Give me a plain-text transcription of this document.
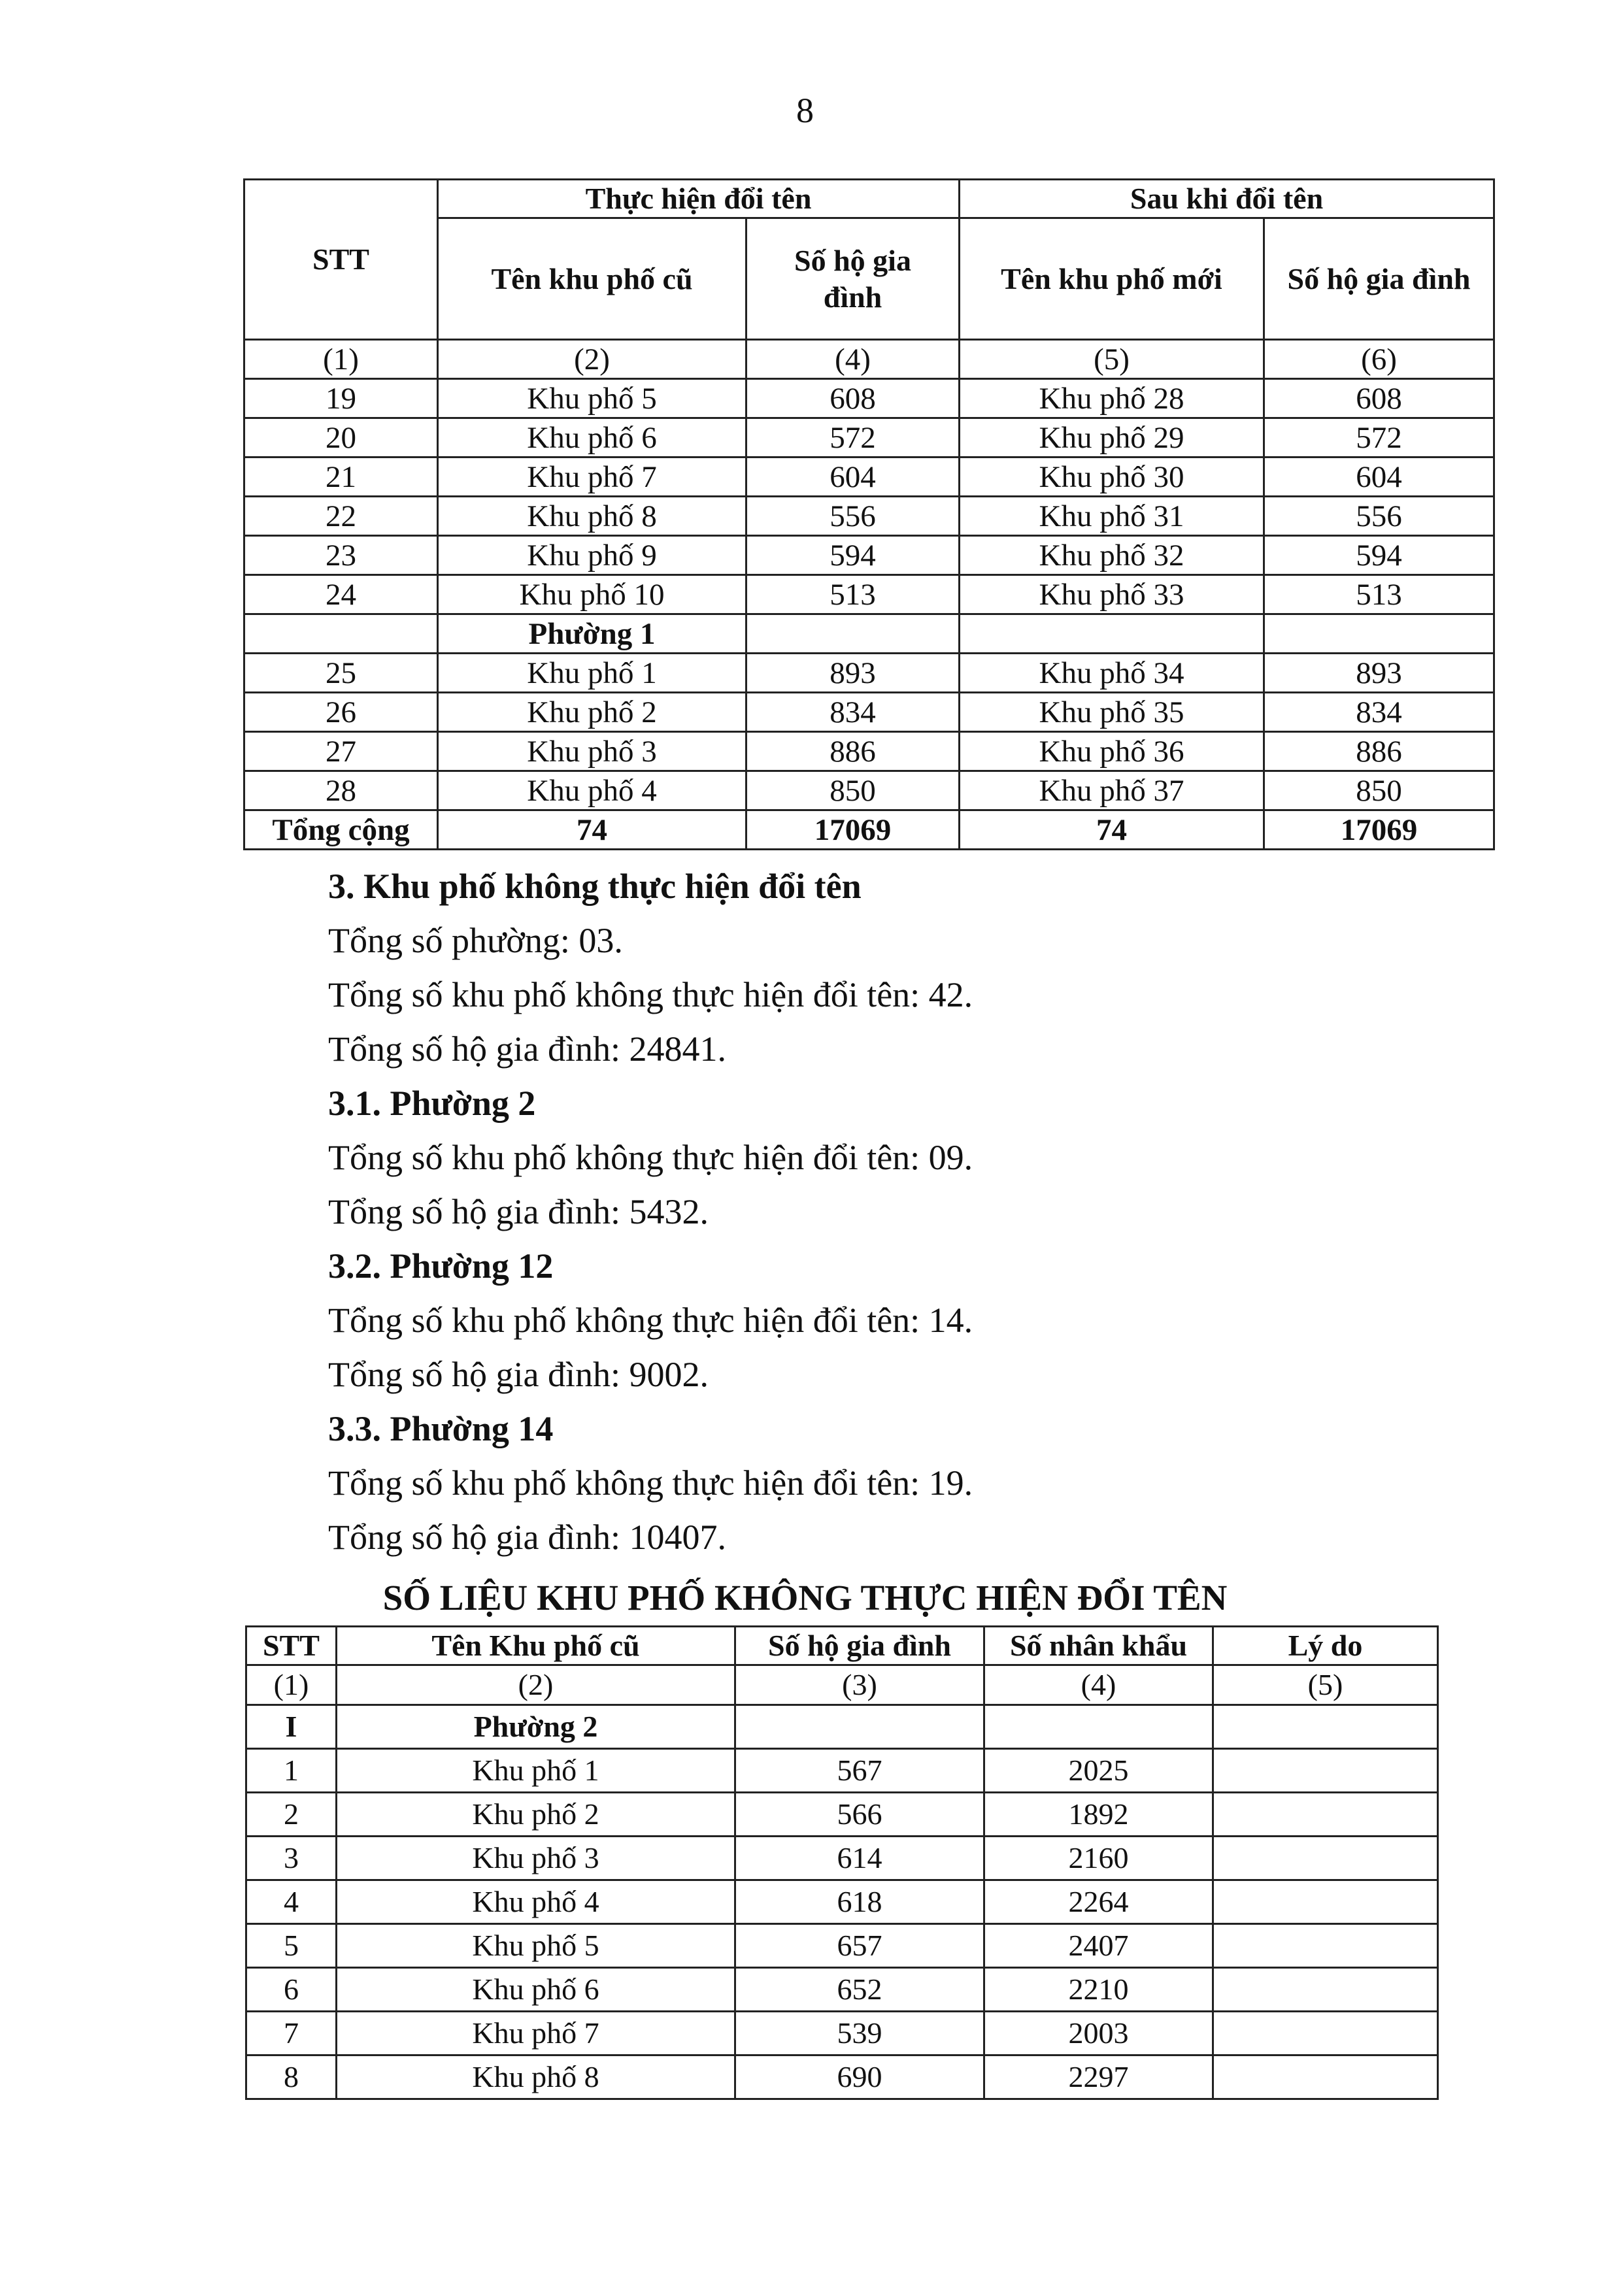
8
STT	Thực hiện đổi tên		Sau khi đổi tên	
	Tên khu phố cũ	Số hộ gia đình	Tên khu phố mới	Số hộ gia đình
(1)	(2)	(4)	(5)	(6)
19	Khu phố 5	608	Khu phố 28	608
20	Khu phố 6	572	Khu phố 29	572
21	Khu phố 7	604	Khu phố 30	604
22	Khu phố 8	556	Khu phố 31	556
23	Khu phố 9	594	Khu phố 32	594
24	Khu phố 10	513	Khu phố 33	513
	Phường 1			
25	Khu phố 1	893	Khu phố 34	893
26	Khu phố 2	834	Khu phố 35	834
27	Khu phố 3	886	Khu phố 36	886
28	Khu phố 4	850	Khu phố 37	850
Tổng cộng	74	17069	74	17069
3. Khu phố không thực hiện đổi tên
Tổng số phường: 03.
Tổng số khu phố không thực hiện đổi tên: 42.
Tổng số hộ gia đình: 24841.
3.1. Phường 2
Tổng số khu phố không thực hiện đổi tên: 09.
Tổng số hộ gia đình: 5432.
3.2. Phường 12
Tổng số khu phố không thực hiện đổi tên: 14.
Tổng số hộ gia đình: 9002.
3.3. Phường 14
Tổng số khu phố không thực hiện đổi tên: 19.
Tổng số hộ gia đình: 10407.
SỐ LIỆU KHU PHỐ KHÔNG THỰC HIỆN ĐỔI TÊN
STT	Tên Khu phố cũ	Số hộ gia đình	Số nhân khẩu	Lý do
(1)	(2)	(3)	(4)	(5)
I	Phường 2			
1	Khu phố 1	567	2025	
2	Khu phố 2	566	1892	
3	Khu phố 3	614	2160	
4	Khu phố 4	618	2264	
5	Khu phố 5	657	2407	
6	Khu phố 6	652	2210	
7	Khu phố 7	539	2003	
8	Khu phố 8	690	2297	
